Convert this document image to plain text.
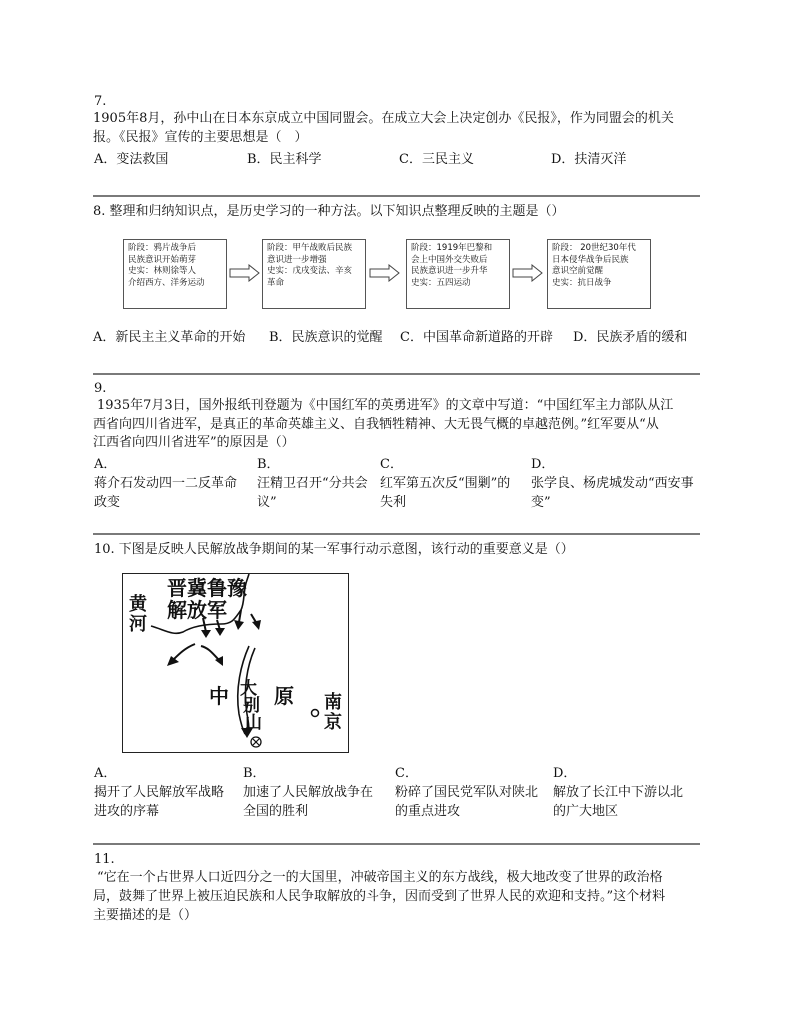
7.
1905年8月，孙中山在日本东京成立中国同盟会。在成立大会上决定创办《民报》，作为同盟会的机关
报。《民报》宣传的主要思想是（　）
A．变法救国	B．民主科学	C．三民主义	D．扶清灭洋
8. 整理和归纳知识点，是历史学习的一种方法。以下知识点整理反映的主题是（）
阶段：鸦片战争后
民族意识开始萌芽
史实：林则徐等人
介绍西方、洋务运动
阶段：甲午战败后民族
意识进一步增强
史实：戊戌变法、辛亥
革命
阶段：1919年巴黎和
会上中国外交失败后
民族意识进一步升华
史实：五四运动
阶段： 20世纪30年代
日本侵华战争后民族
意识空前觉醒
史实：抗日战争
A．新民主主义革命的开始 B．民族意识的觉醒 C．中国革命新道路的开辟 D．民族矛盾的缓和
9.
1935年7月3日，国外报纸刊登题为《中国红军的英勇进军》的文章中写道：“中国红军主力部队从江
西省向四川省进军，是真正的革命英雄主义、自我牺牲精神、大无畏气概的卓越范例。”红军要从“从
江西省向四川省进军”的原因是（）
A．
蒋介石发动四一二反革命
政变
B．
汪精卫召开“分共会
议”
C．
红军第五次反“围剿”的
失利
D．
张学良、杨虎城发动“西安事
变”
10. 下图是反映人民解放战争期间的某一军事行动示意图，该行动的重要意义是（）
晋冀鲁豫
解放军
黄
河
中 原
大
别
山
南
京
A．
揭开了人民解放军战略
进攻的序幕
B．
加速了人民解放战争在
全国的胜利
C．
粉碎了国民党军队对陕北
的重点进攻
D．
解放了长江中下游以北
的广大地区
11.
“它在一个占世界人口近四分之一的大国里，冲破帝国主义的东方战线，极大地改变了世界的政治格
局，鼓舞了世界上被压迫民族和人民争取解放的斗争，因而受到了世界人民的欢迎和支持。”这个材料
主要描述的是（）
